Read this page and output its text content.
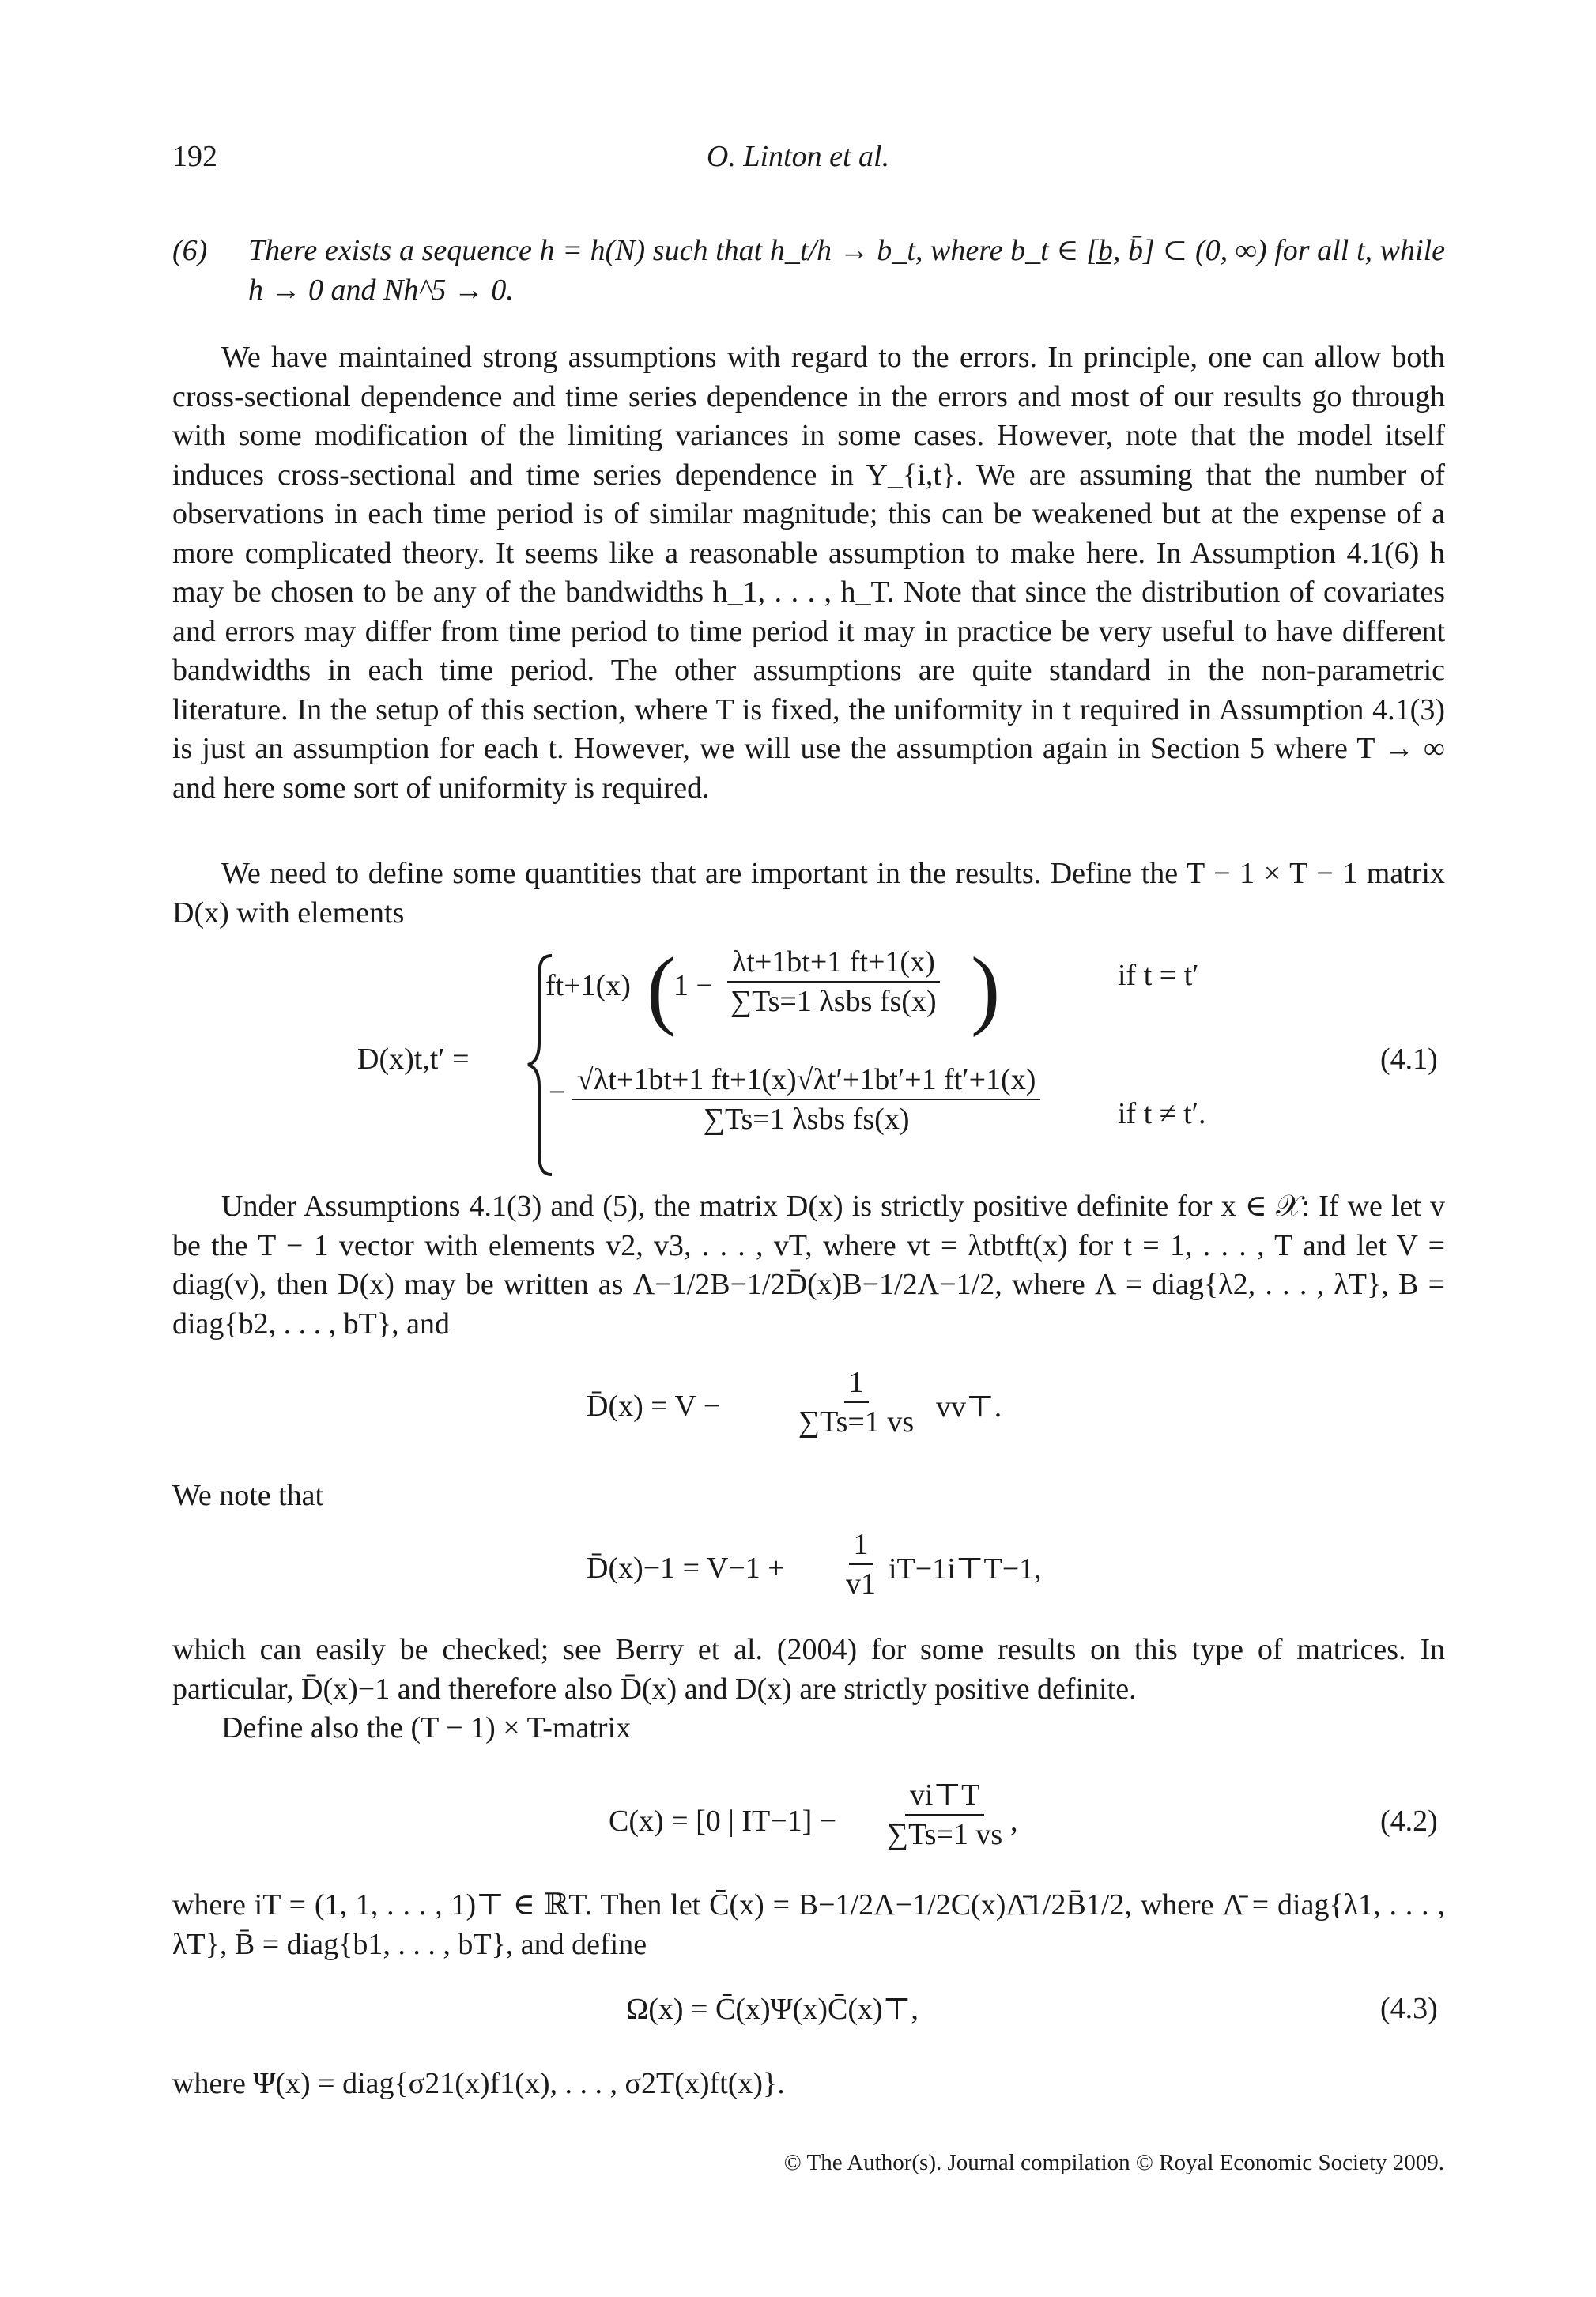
192	O. Linton et al.
(6) There exists a sequence h = h(N) such that h_t/h → b_t, where b_t ∈ [b̲, b̄] ⊂ (0, ∞) for all t, while h → 0 and Nh^5 → 0.
We have maintained strong assumptions with regard to the errors. In principle, one can allow both cross-sectional dependence and time series dependence in the errors and most of our results go through with some modification of the limiting variances in some cases. However, note that the model itself induces cross-sectional and time series dependence in Y_{i,t}. We are assuming that the number of observations in each time period is of similar magnitude; this can be weakened but at the expense of a more complicated theory. It seems like a reasonable assumption to make here. In Assumption 4.1(6) h may be chosen to be any of the bandwidths h_1, . . . , h_T. Note that since the distribution of covariates and errors may differ from time period to time period it may in practice be very useful to have different bandwidths in each time period. The other assumptions are quite standard in the non-parametric literature. In the setup of this section, where T is fixed, the uniformity in t required in Assumption 4.1(3) is just an assumption for each t. However, we will use the assumption again in Section 5 where T → ∞ and here some sort of uniformity is required.
We need to define some quantities that are important in the results. Define the T − 1 × T − 1 matrix D(x) with elements
D(x)t,t′ =
ft+1(x) (
$1 - \frac{\lambda t+1bt+1 ft+1(x)}{\text{∑Ts=1 λsbs fs(x)}}$ )	if t = t′
− $\frac{√\lambda t+1bt+1 ft+1(x)√\lambda t'+1bt'+1 ft'+1(x)}{\text{∑Ts=1 λsbs fs(x)}}$	if t ≠ t′.
(4.1)
Under Assumptions 4.1(3) and (5), the matrix D(x) is strictly positive definite for x ∈ 𝒳: If we let v be the T − 1 vector with elements v2, v3, . . . , vT, where vt = λtbtft(x) for t = 1, . . . , T and let V = diag(v), then D(x) may be written as Λ−1/2B−1/2D̄(x)B−1/2Λ−1/2, where Λ = diag{λ2, . . . , λT}, B = diag{b2, . . . , bT}, and
D̄(x) = $V - \frac{1}{\sum Ts=1 vs}$ vv⊤.
We note that
D̄(x)−1 = $V-1 + \frac{1}{v1}$ iT−1i⊤T−1,
which can easily be checked; see Berry et al. (2004) for some results on this type of matrices. In particular, D̄(x)−1 and therefore also D̄(x) and D(x) are strictly positive definite.
Define also the (T − 1) × T-matrix
C(x) = [0 | $IT-1] - \frac{vi⊤T}{\sum Ts=1 vs}$ ,	(4.2)
where iT = (1, 1, . . . , 1)⊤ ∈ ℝT. Then let C̄(x) = B−1/2Λ−1/2C(x)Λ̄1/2B̄1/2, where Λ̄ = diag{λ1, . . . , λT}, B̄ = diag{b1, . . . , bT}, and define
Ω(x) = C̄(x)Ψ(x)C̄(x)⊤,	(4.3)
where Ψ(x) = diag{σ21(x)f1(x), . . . , σ2T(x)ft(x)}.
© The Author(s). Journal compilation © Royal Economic Society 2009.
